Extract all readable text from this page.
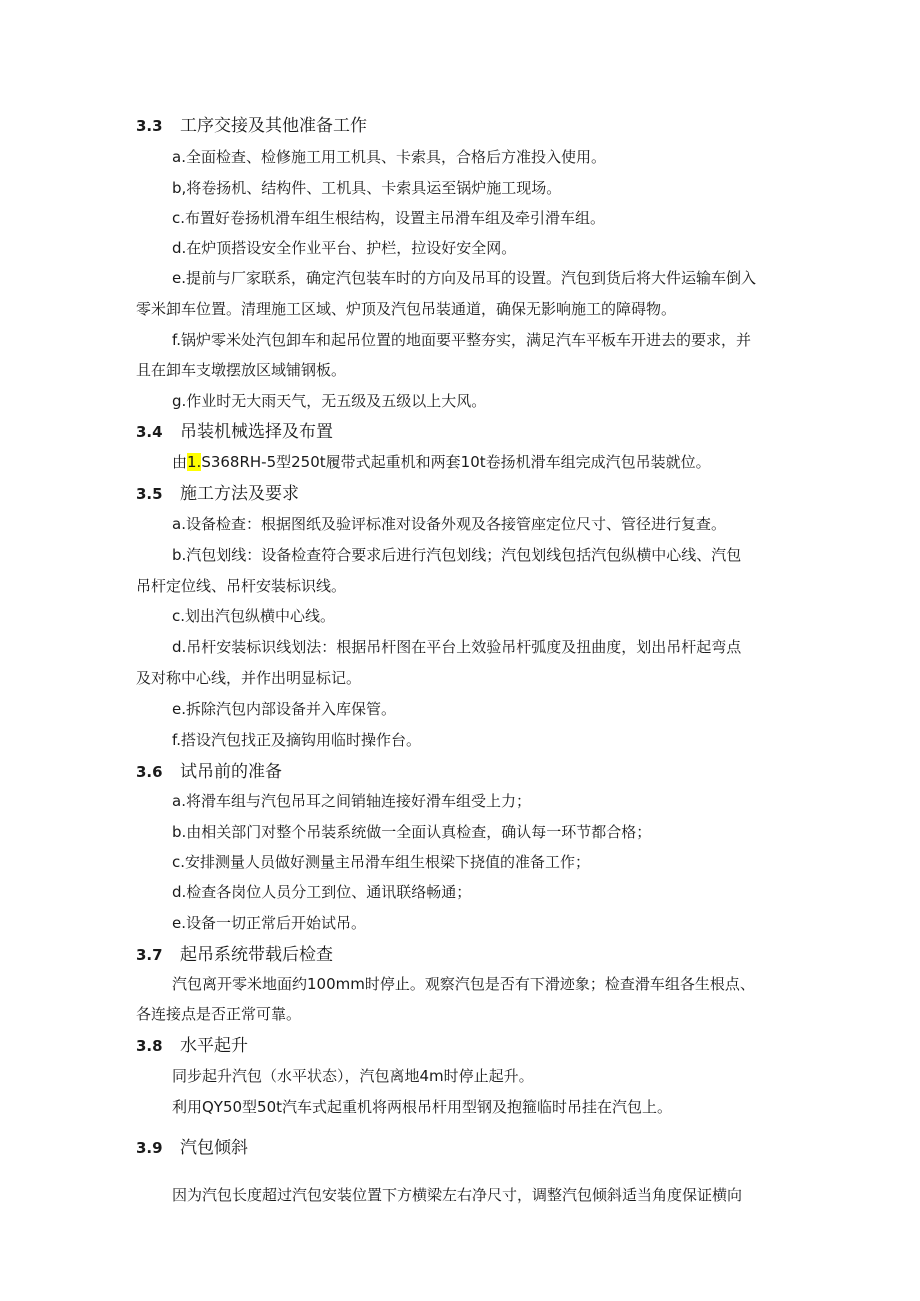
3.3 工序交接及其他准备工作
a.全面检查、检修施工用工机具、卡索具，合格后方准投入使用。
b,将卷扬机、结构件、工机具、卡索具运至锅炉施工现场。
c.布置好卷扬机滑车组生根结构，设置主吊滑车组及牵引滑车组。
d.在炉顶搭设安全作业平台、护栏，拉设好安全网。
e.提前与厂家联系，确定汽包装车时的方向及吊耳的设置。汽包到货后将大件运输车倒入
零米卸车位置。清理施工区域、炉顶及汽包吊装通道，确保无影响施工的障碍物。
f.锅炉零米处汽包卸车和起吊位置的地面要平整夯实，满足汽车平板车开进去的要求，并
且在卸车支墩摆放区域铺钢板。
g.作业时无大雨天气，无五级及五级以上大风。
3.4 吊装机械选择及布置
由1.S368RH-5型250t履带式起重机和两套10t卷扬机滑车组完成汽包吊装就位。
3.5 施工方法及要求
a.设备检查：根据图纸及验评标准对设备外观及各接管座定位尺寸、管径进行复查。
b.汽包划线：设备检查符合要求后进行汽包划线；汽包划线包括汽包纵横中心线、汽包
吊杆定位线、吊杆安装标识线。
c.划出汽包纵横中心线。
d.吊杆安装标识线划法：根据吊杆图在平台上效验吊杆弧度及扭曲度，划出吊杆起弯点
及对称中心线，并作出明显标记。
e.拆除汽包内部设备并入库保管。
f.搭设汽包找正及摘钩用临时操作台。
3.6 试吊前的准备
a.将滑车组与汽包吊耳之间销轴连接好滑车组受上力；
b.由相关部门对整个吊装系统做一全面认真检查，确认每一环节都合格；
c.安排测量人员做好测量主吊滑车组生根梁下挠值的准备工作；
d.检查各岗位人员分工到位、通讯联络畅通；
e.设备一切正常后开始试吊。
3.7 起吊系统带载后检查
汽包离开零米地面约100mm时停止。观察汽包是否有下滑迹象；检查滑车组各生根点、
各连接点是否正常可靠。
3.8 水平起升
同步起升汽包（水平状态），汽包离地4m时停止起升。
利用QY50型50t汽车式起重机将两根吊杆用型钢及抱箍临时吊挂在汽包上。
3.9 汽包倾斜
因为汽包长度超过汽包安装位置下方横梁左右净尺寸，调整汽包倾斜适当角度保证横向
